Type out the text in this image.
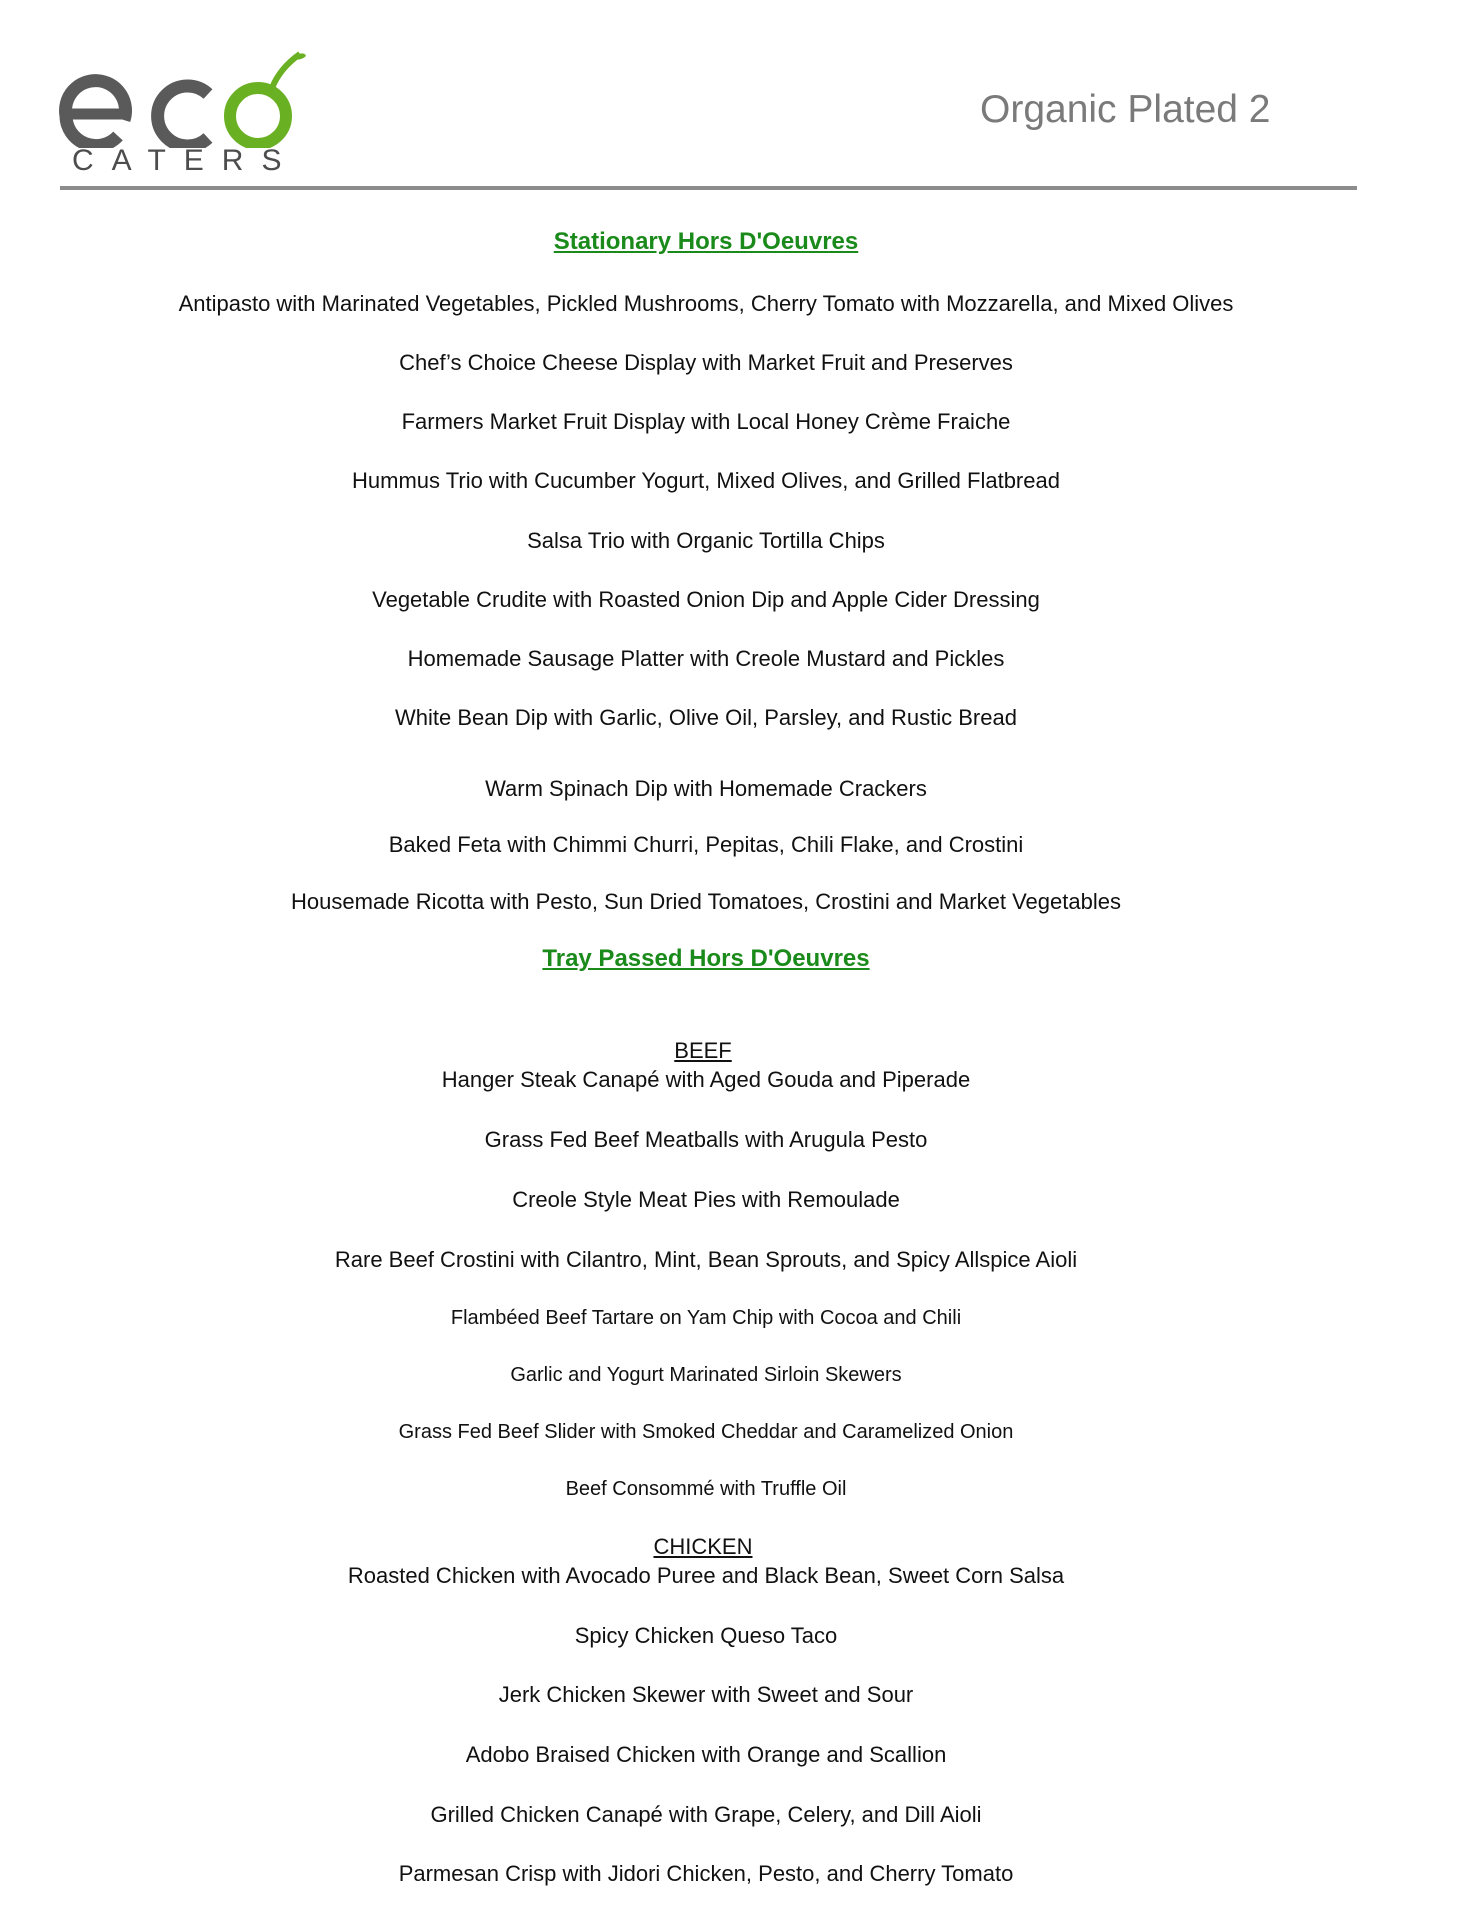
CATERS
Organic Plated 2
Stationary Hors D'Oeuvres
Antipasto with Marinated Vegetables, Pickled Mushrooms, Cherry Tomato with Mozzarella, and Mixed Olives
Chef’s Choice Cheese Display with Market Fruit and Preserves
Farmers Market Fruit Display with Local Honey Crème Fraiche
Hummus Trio with Cucumber Yogurt, Mixed Olives, and Grilled Flatbread
Salsa Trio with Organic Tortilla Chips
Vegetable Crudite with Roasted Onion Dip and Apple Cider Dressing
Homemade Sausage Platter with Creole Mustard and Pickles
White Bean Dip with Garlic, Olive Oil, Parsley, and Rustic Bread
Warm Spinach Dip with Homemade Crackers
Baked Feta with Chimmi Churri, Pepitas, Chili Flake, and Crostini
Housemade Ricotta with Pesto, Sun Dried Tomatoes, Crostini and Market Vegetables
Tray Passed Hors D'Oeuvres
BEEF
Hanger Steak Canapé with Aged Gouda and Piperade
Grass Fed Beef Meatballs with Arugula Pesto
Creole Style Meat Pies with Remoulade
Rare Beef Crostini with Cilantro, Mint, Bean Sprouts, and Spicy Allspice Aioli
Flambéed Beef Tartare on Yam Chip with Cocoa and Chili
Garlic and Yogurt Marinated Sirloin Skewers
Grass Fed Beef Slider with Smoked Cheddar and Caramelized Onion
Beef Consommé with Truffle Oil
CHICKEN
Roasted Chicken with Avocado Puree and Black Bean, Sweet Corn Salsa
Spicy Chicken Queso Taco
Jerk Chicken Skewer with Sweet and Sour
Adobo Braised Chicken with Orange and Scallion
Grilled Chicken Canapé with Grape, Celery, and Dill Aioli
Parmesan Crisp with Jidori Chicken, Pesto, and Cherry Tomato
